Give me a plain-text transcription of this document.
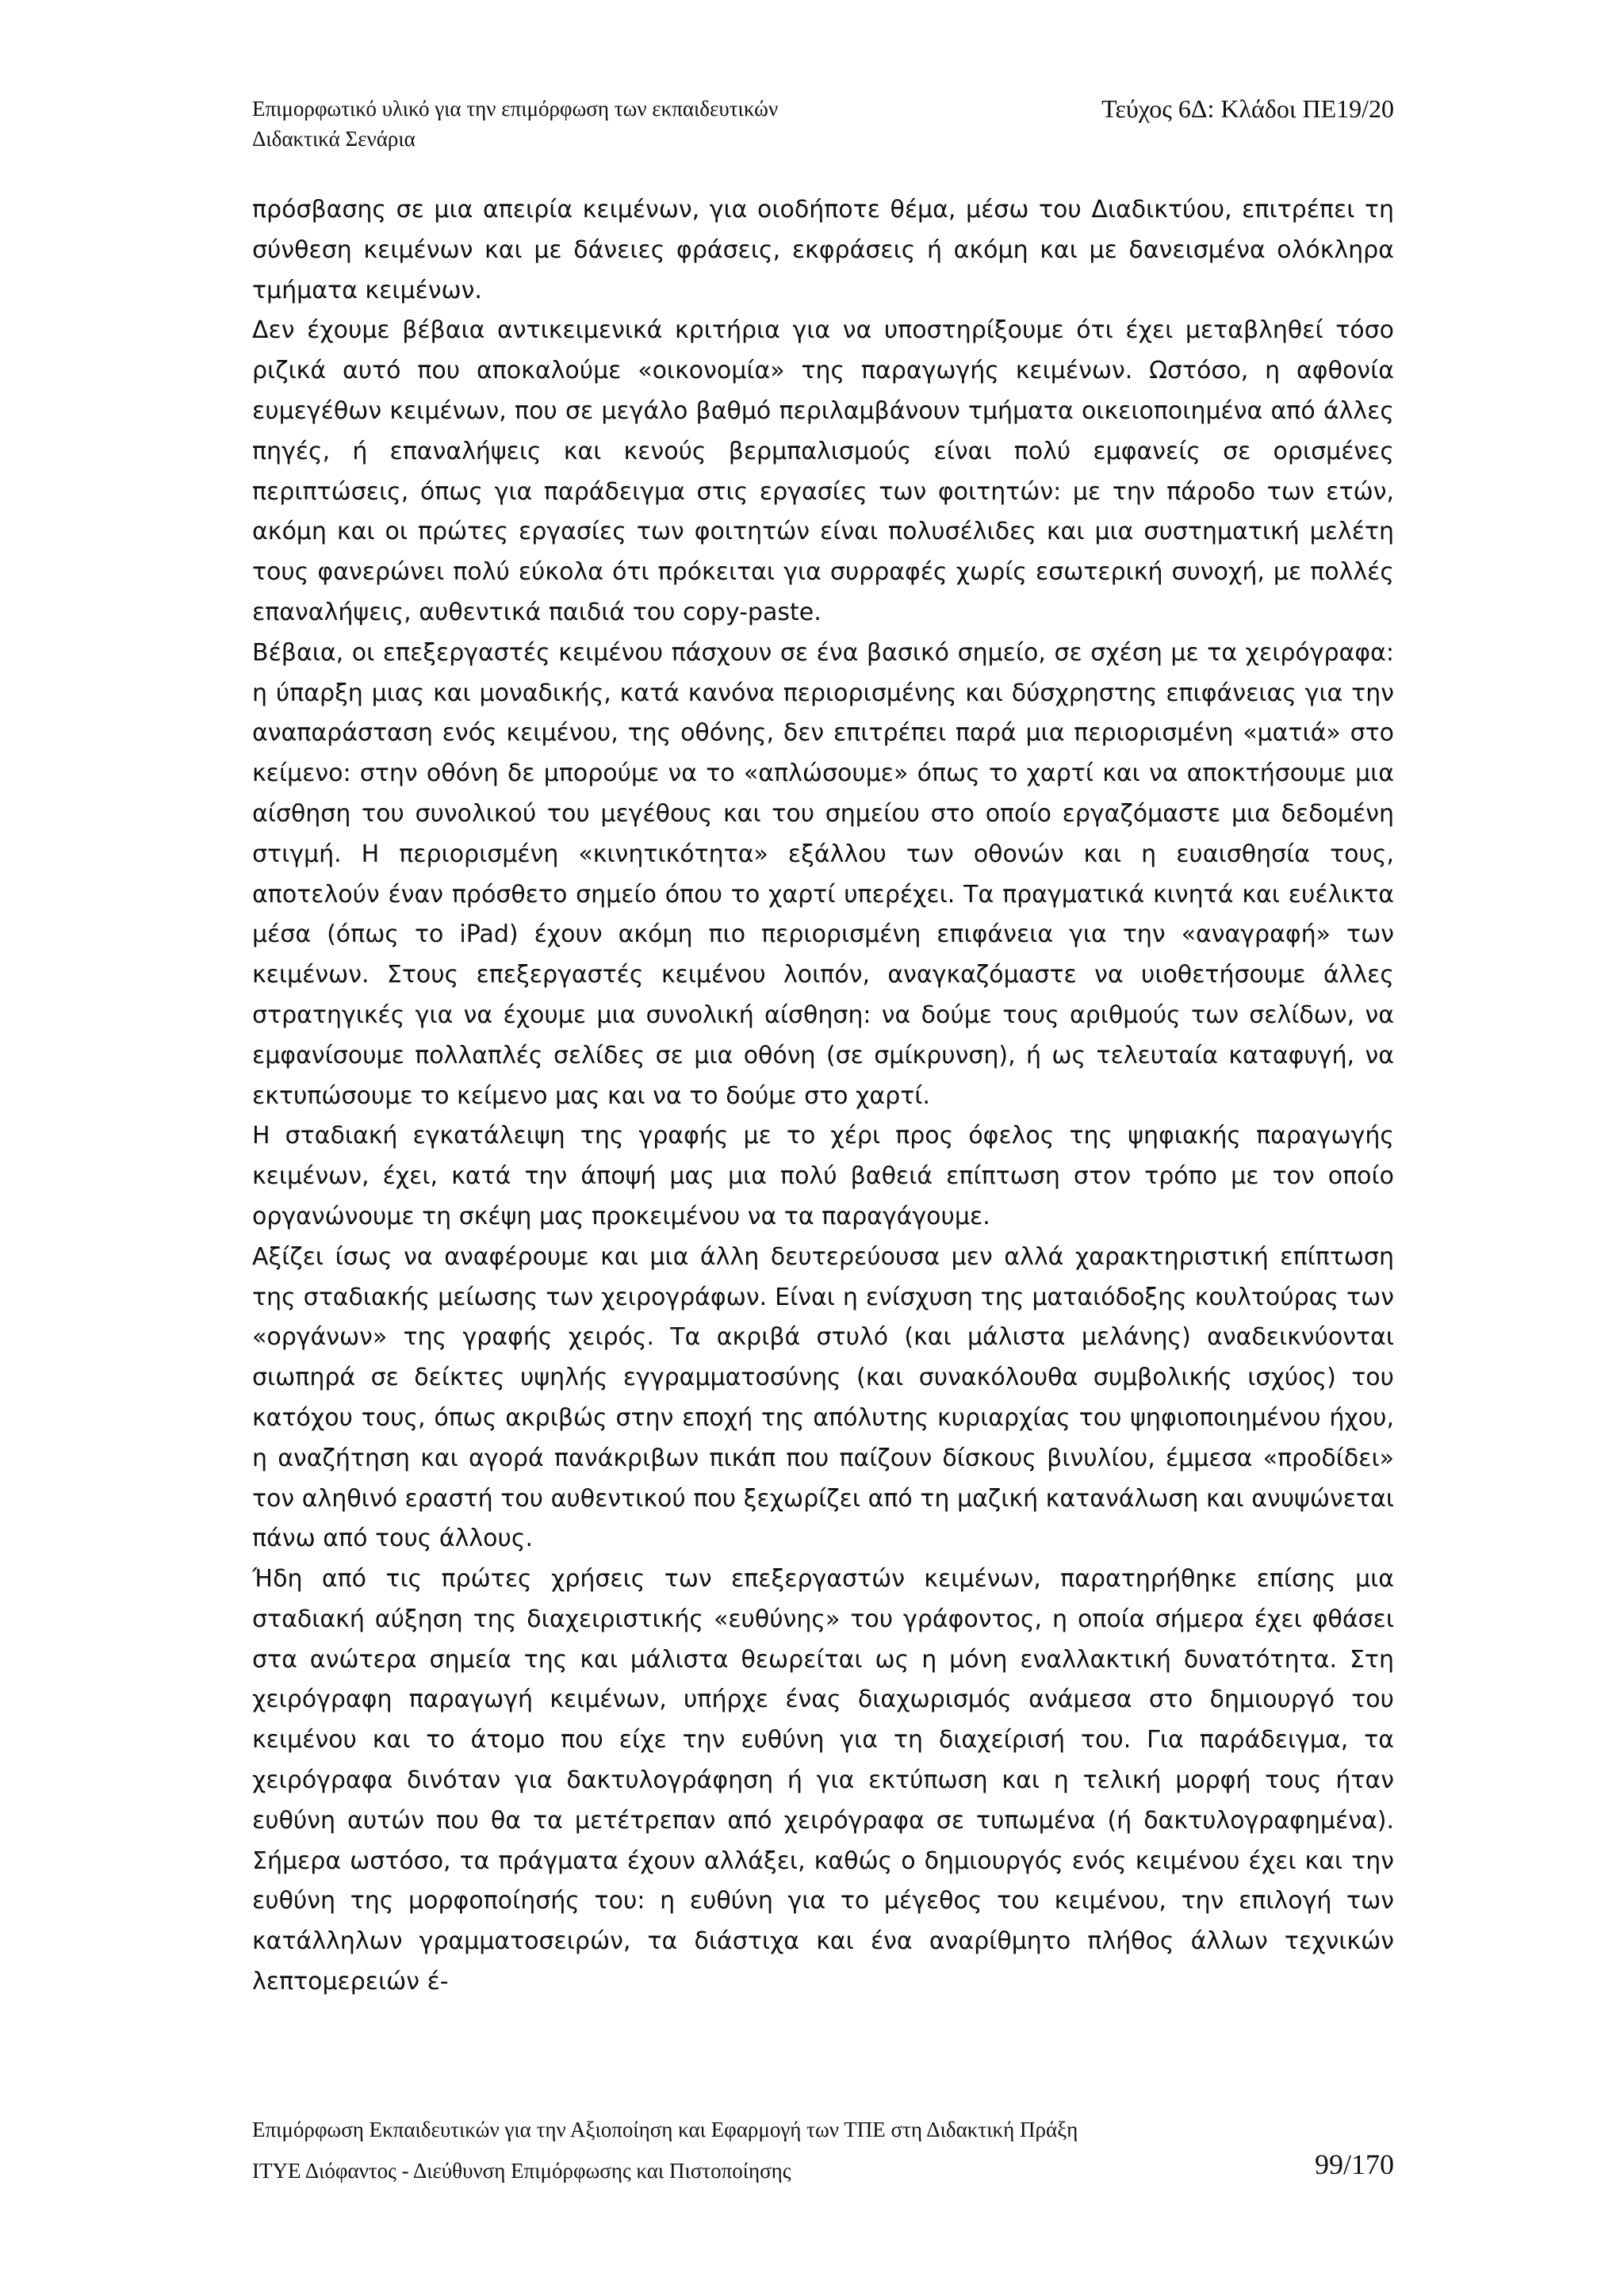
Επιμορφωτικό υλικό για την επιμόρφωση των εκπαιδευτικών
Διδακτικά Σενάρια
Τεύχος 6Δ: Κλάδοι ΠΕ19/20

πρόσβασης σε μια απειρία κειμένων, για οιοδήποτε θέμα, μέσω του Διαδικτύου, επιτρέπει τη σύνθεση κειμένων και με δάνειες φράσεις, εκφράσεις ή ακόμη και με δανεισμένα ολόκληρα τμήματα κειμένων.

Δεν έχουμε βέβαια αντικειμενικά κριτήρια για να υποστηρίξουμε ότι έχει μεταβληθεί τόσο ριζικά αυτό που αποκαλούμε «οικονομία» της παραγωγής κειμένων. Ωστόσο, η αφθονία ευμεγέθων κειμένων, που σε μεγάλο βαθμό περιλαμβάνουν τμήματα οικειοποιημένα από άλλες πηγές, ή επαναλήψεις και κενούς βερμπαλισμούς είναι πολύ εμφανείς σε ορισμένες περιπτώσεις, όπως για παράδειγμα στις εργασίες των φοιτητών: με την πάροδο των ετών, ακόμη και οι πρώτες εργασίες των φοιτητών είναι πολυσέλιδες και μια συστηματική μελέτη τους φανερώνει πολύ εύκολα ότι πρόκειται για συρραφές χωρίς εσωτερική συνοχή, με πολλές επαναλήψεις, αυθεντικά παιδιά του copy-paste.

Βέβαια, οι επεξεργαστές κειμένου πάσχουν σε ένα βασικό σημείο, σε σχέση με τα χειρόγραφα: η ύπαρξη μιας και μοναδικής, κατά κανόνα περιορισμένης και δύσχρηστης επιφάνειας για την αναπαράσταση ενός κειμένου, της οθόνης, δεν επιτρέπει παρά μια περιορισμένη «ματιά» στο κείμενο: στην οθόνη δε μπορούμε να το «απλώσουμε» όπως το χαρτί και να αποκτήσουμε μια αίσθηση του συνολικού του μεγέθους και του σημείου στο οποίο εργαζόμαστε μια δεδομένη στιγμή. Η περιορισμένη «κινητικότητα» εξάλλου των οθονών και η ευαισθησία τους, αποτελούν έναν πρόσθετο σημείο όπου το χαρτί υπερέχει. Τα πραγματικά κινητά και ευέλικτα μέσα (όπως το iPad) έχουν ακόμη πιο περιορισμένη επιφάνεια για την «αναγραφή» των κειμένων. Στους επεξεργαστές κειμένου λοιπόν, αναγκαζόμαστε να υιοθετήσουμε άλλες στρατηγικές για να έχουμε μια συνολική αίσθηση: να δούμε τους αριθμούς των σελίδων, να εμφανίσουμε πολλαπλές σελίδες σε μια οθόνη (σε σμίκρυνση), ή ως τελευταία καταφυγή, να εκτυπώσουμε το κείμενο μας και να το δούμε στο χαρτί.

Η σταδιακή εγκατάλειψη της γραφής με το χέρι προς όφελος της ψηφιακής παραγωγής κειμένων, έχει, κατά την άποψή μας μια πολύ βαθειά επίπτωση στον τρόπο με τον οποίο οργανώνουμε τη σκέψη μας προκειμένου να τα παραγάγουμε.

Αξίζει ίσως να αναφέρουμε και μια άλλη δευτερεύουσα μεν αλλά χαρακτηριστική επίπτωση της σταδιακής μείωσης των χειρογράφων. Είναι η ενίσχυση της ματαιόδοξης κουλτούρας των «οργάνων» της γραφής χειρός. Τα ακριβά στυλό (και μάλιστα μελάνης) αναδεικνύονται σιωπηρά σε δείκτες υψηλής εγγραμματοσύνης (και συνακόλουθα συμβολικής ισχύος) του κατόχου τους, όπως ακριβώς στην εποχή της απόλυτης κυριαρχίας του ψηφιοποιημένου ήχου, η αναζήτηση και αγορά πανάκριβων πικάπ που παίζουν δίσκους βινυλίου, έμμεσα «προδίδει» τον αληθινό εραστή του αυθεντικού που ξεχωρίζει από τη μαζική κατανάλωση και ανυψώνεται πάνω από τους άλλους.

Ήδη από τις πρώτες χρήσεις των επεξεργαστών κειμένων, παρατηρήθηκε επίσης μια σταδιακή αύξηση της διαχειριστικής «ευθύνης» του γράφοντος, η οποία σήμερα έχει φθάσει στα ανώτερα σημεία της και μάλιστα θεωρείται ως η μόνη εναλλακτική δυνατότητα. Στη χειρόγραφη παραγωγή κειμένων, υπήρχε ένας διαχωρισμός ανάμεσα στο δημιουργό του κειμένου και το άτομο που είχε την ευθύνη για τη διαχείρισή του. Για παράδειγμα, τα χειρόγραφα δινόταν για δακτυλογράφηση ή για εκτύπωση και η τελική μορφή τους ήταν ευθύνη αυτών που θα τα μετέτρεπαν από χειρόγραφα σε τυπωμένα (ή δακτυλογραφημένα). Σήμερα ωστόσο, τα πράγματα έχουν αλλάξει, καθώς ο δημιουργός ενός κειμένου έχει και την ευθύνη της μορφοποίησής του: η ευθύνη για το μέγεθος του κειμένου, την επιλογή των κατάλληλων γραμματοσειρών, τα διάστιχα και ένα αναρίθμητο πλήθος άλλων τεχνικών λεπτομερειών έ-

Επιμόρφωση Εκπαιδευτικών για την Αξιοποίηση και Εφαρμογή των ΤΠΕ στη Διδακτική Πράξη
ΙΤΥΕ Διόφαντος - Διεύθυνση Επιμόρφωσης και Πιστοποίησης	99/170
